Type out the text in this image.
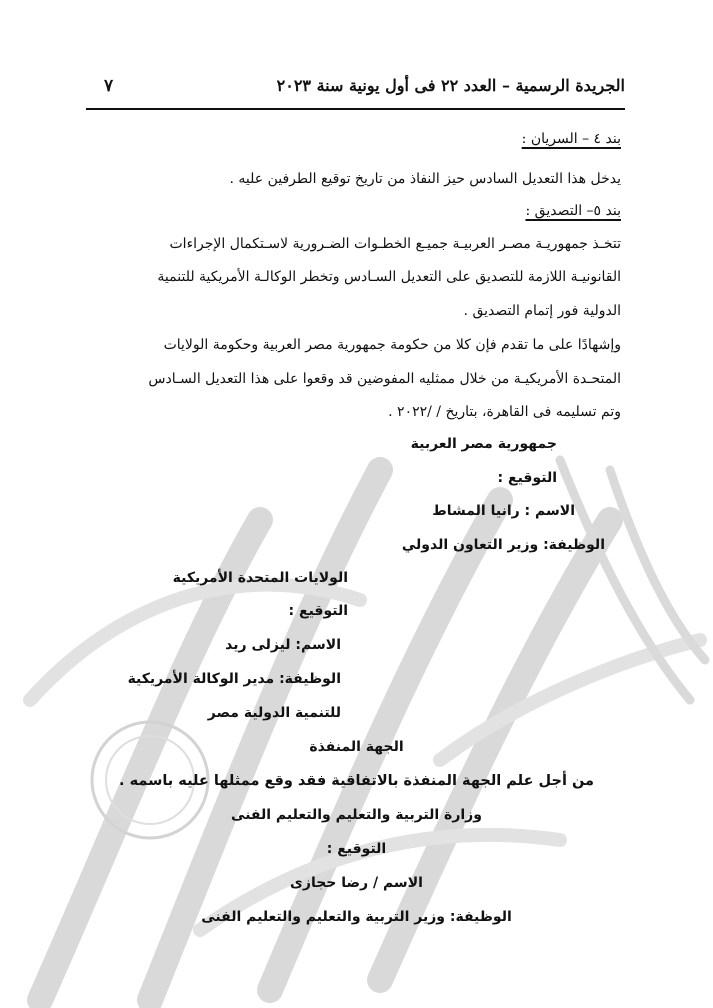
الجريدة الرسمية – العدد ٢٢ فى أول يونية سنة ٢٠٢٣
٧
بند ٤ – السريان :
يدخل هذا التعديل السادس حيز النفاذ من تاريخ توقيع الطرفين عليه .
بند ٥– التصديق :
تتخـذ جمهوريـة مصـر العربيـة جميـع الخطـوات الضـرورية لاسـتكمال الإجراءات
القانونيـة اللازمة للتصديق على التعديل السـادس وتخطر الوكالـة الأمريكية للتنمية
الدولية فور إتمام التصديق .
وإشهادًا على ما تقدم فإن كلا من حكومة جمهورية مصر العربية وحكومة الولايات
المتحـدة الأمريكيـة من خلال ممثليه المفوضين قد وقعوا على هذا التعديل السـادس
وتم تسليمه فى القاهرة، بتاريخ / /٢٠٢٢ .
جمهورية مصر العربية
التوقيع :
الاسم : رانيا المشاط
الوظيفة: وزير التعاون الدولي
الولايات المتحدة الأمريكية
التوقيع :
الاسم: ليزلى ريد
الوظيفة: مدير الوكالة الأمريكية
للتنمية الدولية مصر
الجهة المنفذة
من أجل علم الجهة المنفذة بالاتفاقية فقد وقع ممثلها عليه باسمه .
وزارة التربية والتعليم والتعليم الفنى
التوقيع :
الاسم / رضا حجازى
الوظيفة: وزير التربية والتعليم والتعليم الفنى
